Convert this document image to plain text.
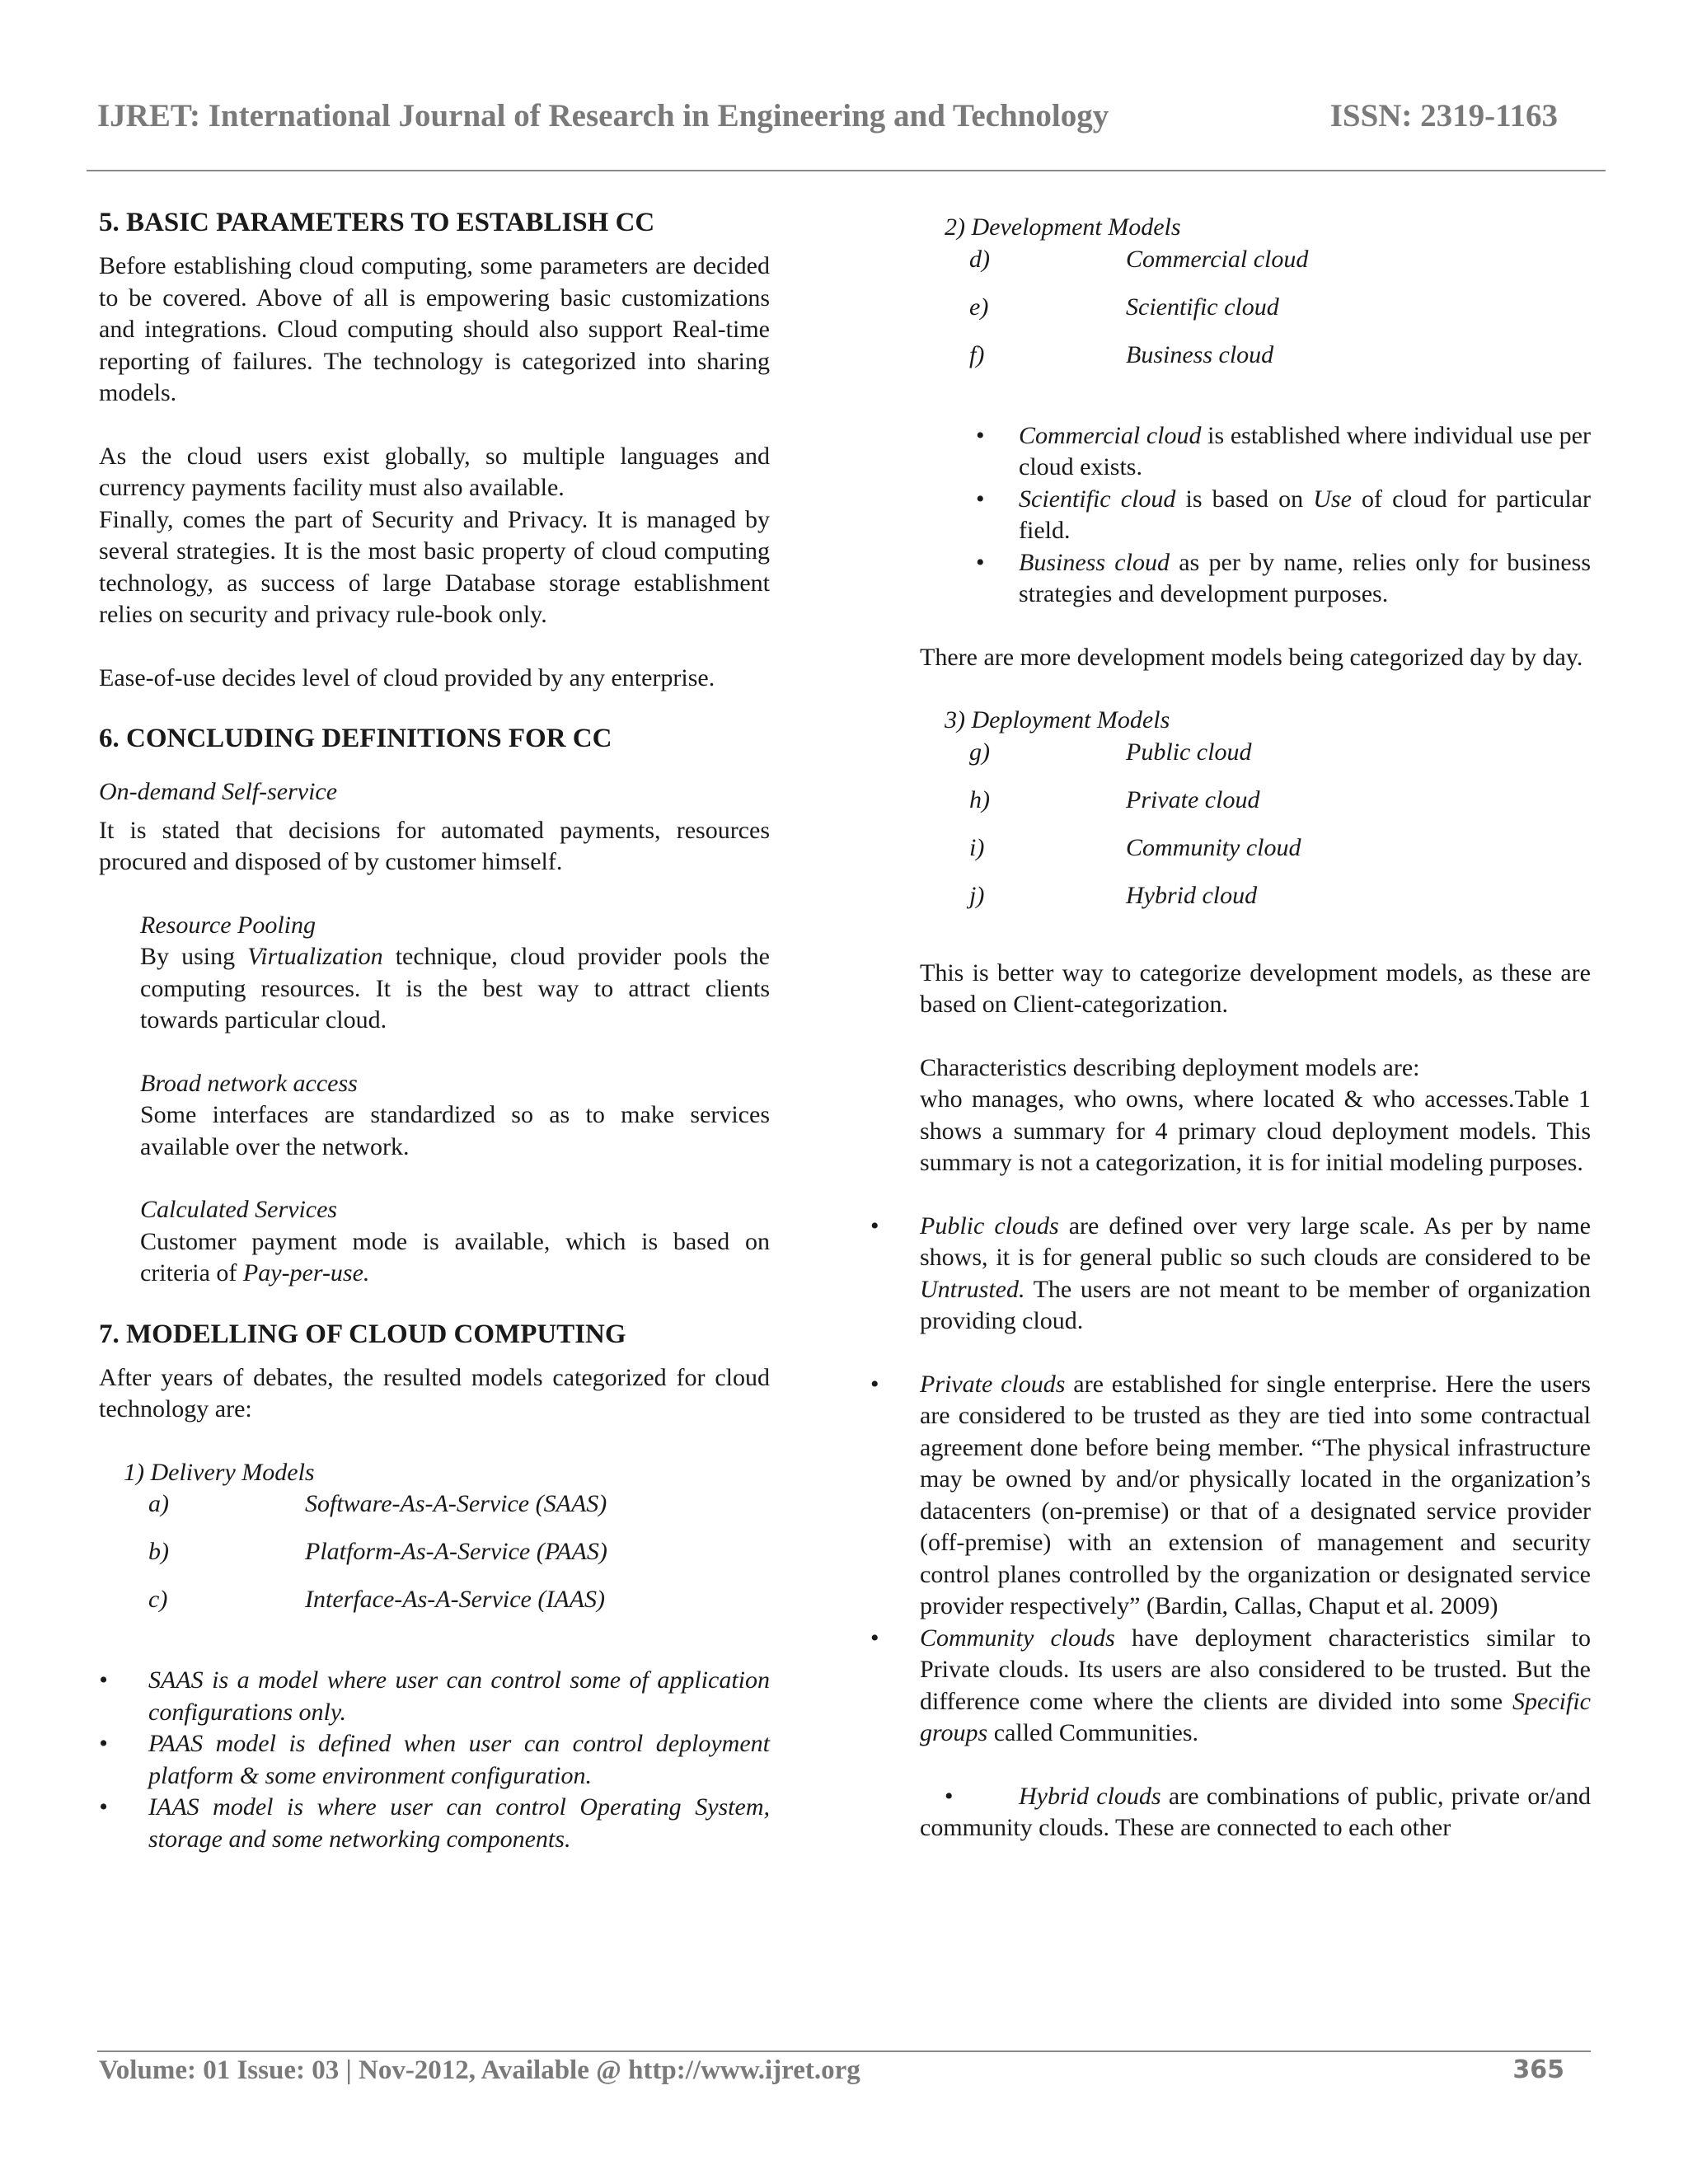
IJRET: International Journal of Research in Engineering and Technology	ISSN: 2319-1163
5. BASIC PARAMETERS TO ESTABLISH CC

Before establishing cloud computing, some parameters are decided to be covered. Above of all is empowering basic customizations and integrations. Cloud computing should also support Real-time reporting of failures. The technology is categorized into sharing models.

As the cloud users exist globally, so multiple languages and currency payments facility must also available.

Finally, comes the part of Security and Privacy. It is managed by several strategies. It is the most basic property of cloud computing technology, as success of large Database storage establishment relies on security and privacy rule-book only.

Ease-of-use decides level of cloud provided by any enterprise.

6. CONCLUDING DEFINITIONS FOR CC

On-demand Self-service

It is stated that decisions for automated payments, resources procured and disposed of by customer himself.

Resource Pooling

By using Virtualization technique, cloud provider pools the computing resources. It is the best way to attract clients towards particular cloud.

Broad network access

Some interfaces are standardized so as to make services available over the network.

Calculated Services

Customer payment mode is available, which is based on criteria of Pay-per-use.

7. MODELLING OF CLOUD COMPUTING

After years of debates, the resulted models categorized for cloud technology are:

1) Delivery Models

a)	Software-As-A-Service (SAAS)
b)	Platform-As-A-Service (PAAS)
c)	Interface-As-A-Service (IAAS)
• SAAS is a model where user can control some of application configurations only.
• PAAS model is defined when user can control deployment platform & some environment configuration.
• IAAS model is where user can control Operating System, storage and some networking components.

2) Development Models

d)	Commercial cloud
e)	Scientific cloud
f)	Business cloud
• Commercial cloud is established where individual use per cloud exists.
• Scientific cloud is based on Use of cloud for particular field.
• Business cloud as per by name, relies only for business strategies and development purposes.

There are more development models being categorized day by day.

3) Deployment Models

g)	Public cloud
h)	Private cloud
i)	Community cloud
j)	Hybrid cloud

This is better way to categorize development models, as these are based on Client-categorization.

Characteristics describing deployment models are:

who manages, who owns, where located & who accesses.Table 1 shows a summary for 4 primary cloud deployment models. This summary is not a categorization, it is for initial modeling purposes.

• Public clouds are defined over very large scale. As per by name shows, it is for general public so such clouds are considered to be Untrusted. The users are not meant to be member of organization providing cloud.
• Private clouds are established for single enterprise. Here the users are considered to be trusted as they are tied into some contractual agreement done before being member. “The physical infrastructure may be owned by and/or physically located in the organization’s datacenters (on-premise) or that of a designated service provider (off-premise) with an extension of management and security control planes controlled by the organization or designated service provider respectively” (Bardin, Callas, Chaput et al. 2009)
• Community clouds have deployment characteristics similar to Private clouds. Its users are also considered to be trusted. But the difference come where the clients are divided into some Specific groups called Communities.

•	Hybrid clouds are combinations of public, private or/and community clouds. These are connected to each other

Volume: 01 Issue: 03 | Nov-2012, Available @ http://www.ijret.org	365
